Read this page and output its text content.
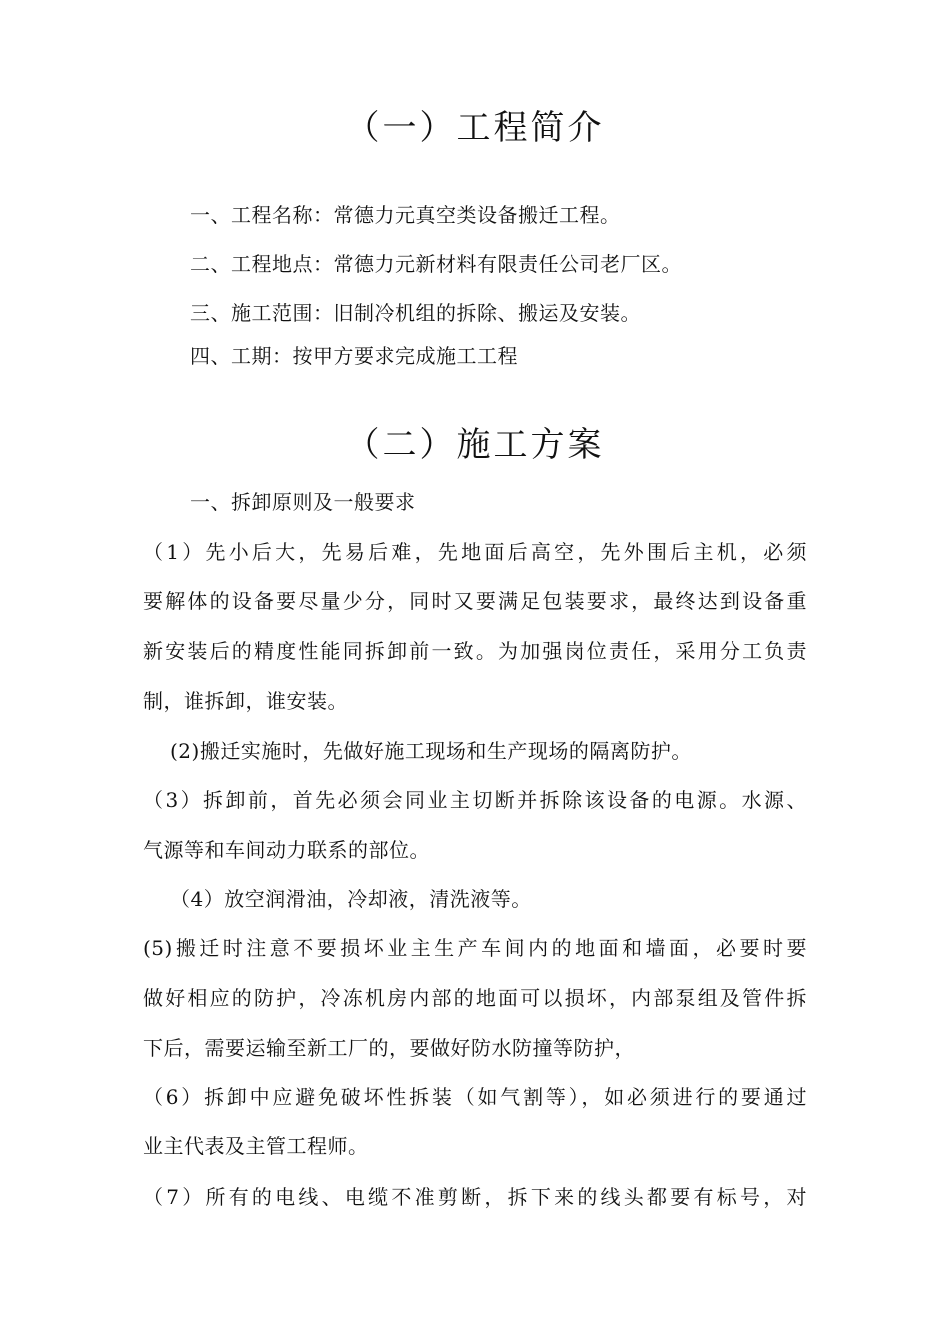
（一）工程简介
一、工程名称：常德力元真空类设备搬迁工程。
二、工程地点：常德力元新材料有限责任公司老厂区。
三、施工范围：旧制冷机组的拆除、搬运及安装。
四、工期：按甲方要求完成施工工程
（二）施工方案
一、拆卸原则及一般要求
（1）先小后大，先易后难，先地面后高空，先外围后主机，必须
要解体的设备要尽量少分，同时又要满足包装要求，最终达到设备重
新安装后的精度性能同拆卸前一致。为加强岗位责任，采用分工负责
制，谁拆卸，谁安装。
(2)搬迁实施时，先做好施工现场和生产现场的隔离防护。
（3）拆卸前，首先必须会同业主切断并拆除该设备的电源。水源、
气源等和车间动力联系的部位。
（4）放空润滑油，冷却液，清洗液等。
(5)搬迁时注意不要损坏业主生产车间内的地面和墙面，必要时要
做好相应的防护，冷冻机房内部的地面可以损坏，内部泵组及管件拆
下后，需要运输至新工厂的，要做好防水防撞等防护，
（6）拆卸中应避免破坏性拆装（如气割等），如必须进行的要通过
业主代表及主管工程师。
（7）所有的电线、电缆不准剪断，拆下来的线头都要有标号，对
